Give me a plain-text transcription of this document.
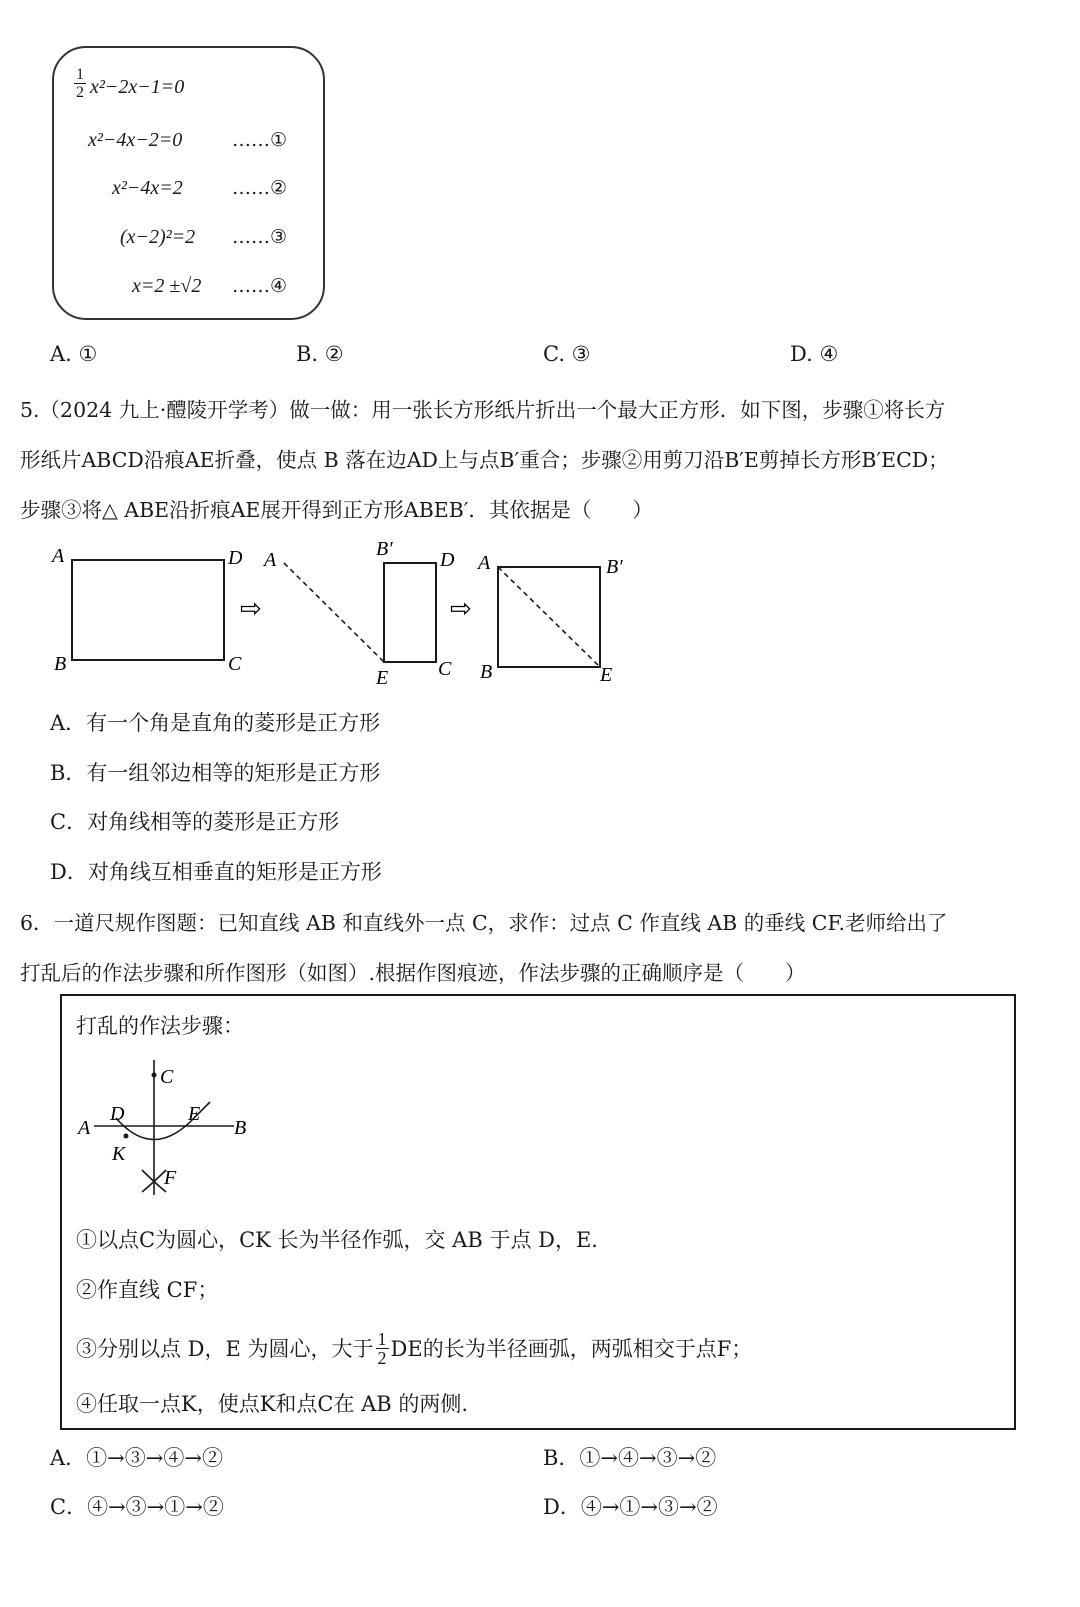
$\frac{1}{2} x^2-2x-1=0$
x²−4x−2=0	……①
x²−4x=2	……②
(x−2)²=2 ……③
x=2 ±√2 ……④
A. ①	B. ②	C. ③	D. ④
5.（2024 九上·醴陵开学考）做一做：用一张长方形纸片折出一个最大正方形．如下图，步骤①将长方
形纸片ABCD沿痕AE折叠，使点 B 落在边AD上与点B′重合；步骤②用剪刀沿B′E剪掉长方形B′ECD；
步骤③将△ ABE沿折痕AE展开得到正方形ABEB′．其依据是（　　）
A	D
B	C
⇨
A	B′ D
E C
⇨
A	B′
B	E
A．有一个角是直角的菱形是正方形
B．有一组邻边相等的矩形是正方形
C．对角线相等的菱形是正方形
D．对角线互相垂直的矩形是正方形
6．一道尺规作图题：已知直线 AB 和直线外一点 C，求作：过点 C 作直线 AB 的垂线 CF.老师给出了
打乱后的作法步骤和所作图形（如图）.根据作图痕迹，作法步骤的正确顺序是（　　）
打乱的作法步骤：
C
D	E
A	B
K
F
①以点C为圆心，CK 长为半径作弧，交 AB 于点 D，E.
②作直线 CF；
③分别以点 D，E 为圆心，大于 $\frac{1}{2}$ DE的长为半径画弧，两弧相交于点F；
④任取一点K，使点K和点C在 AB 的两侧.
A．①→③→④→②	B．①→④→③→②
C．④→③→①→②	D．④→①→③→②
